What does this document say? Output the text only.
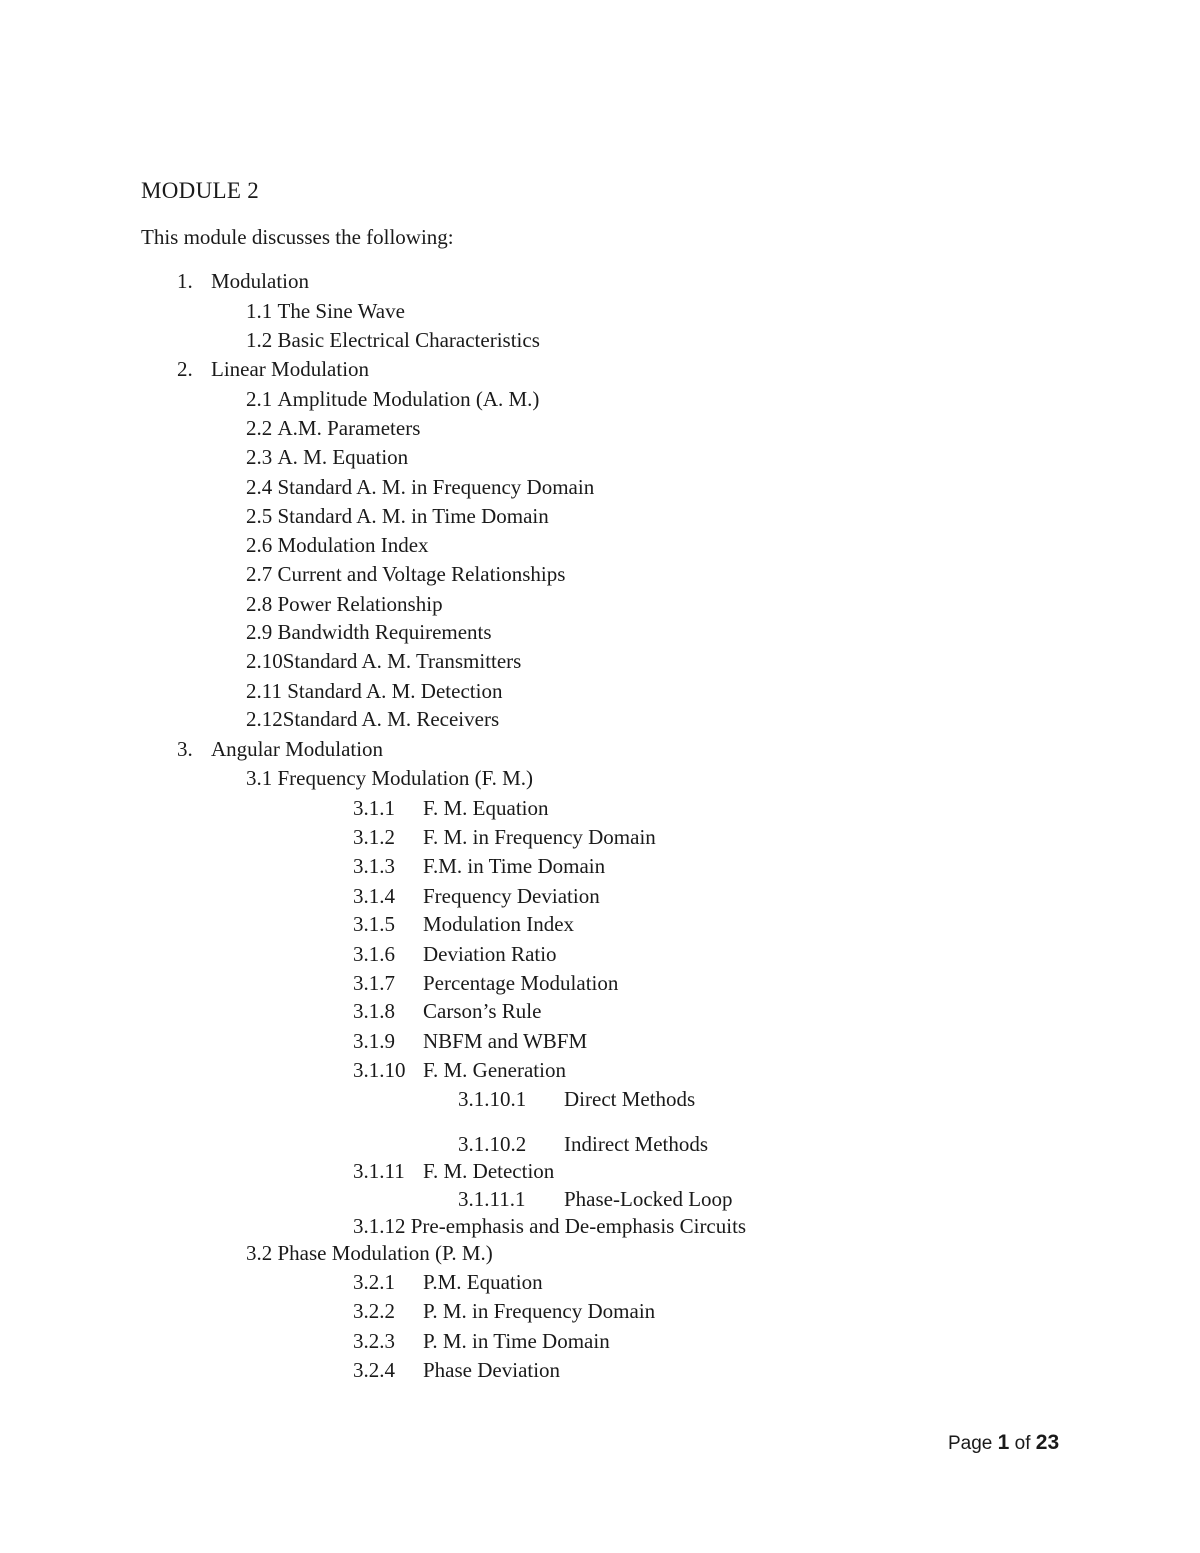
MODULE 2
This module discusses the following:
1. Modulation
1.1 The Sine Wave
1.2 Basic Electrical Characteristics
2. Linear Modulation
2.1 Amplitude Modulation (A. M.)
2.2 A.M. Parameters
2.3 A. M. Equation
2.4 Standard A. M. in Frequency Domain
2.5 Standard A. M. in Time Domain
2.6 Modulation Index
2.7 Current and Voltage Relationships
2.8 Power Relationship
2.9 Bandwidth Requirements
2.10Standard A. M. Transmitters
2.11 Standard A. M. Detection
2.12Standard A. M. Receivers
3. Angular Modulation
3.1 Frequency Modulation (F. M.)
3.1.1 F. M. Equation
3.1.2 F. M. in Frequency Domain
3.1.3 F.M. in Time Domain
3.1.4 Frequency Deviation
3.1.5 Modulation Index
3.1.6 Deviation Ratio
3.1.7 Percentage Modulation
3.1.8 Carson’s Rule
3.1.9 NBFM and WBFM
3.1.10 F. M. Generation
3.1.10.1 Direct Methods
3.1.10.2 Indirect Methods
3.1.11 F. M. Detection
3.1.11.1 Phase-Locked Loop
3.1.12 Pre-emphasis and De-emphasis Circuits
3.2 Phase Modulation (P. M.)
3.2.1 P.M. Equation
3.2.2 P. M. in Frequency Domain
3.2.3 P. M. in Time Domain
3.2.4 Phase Deviation
Page 1 of 23
